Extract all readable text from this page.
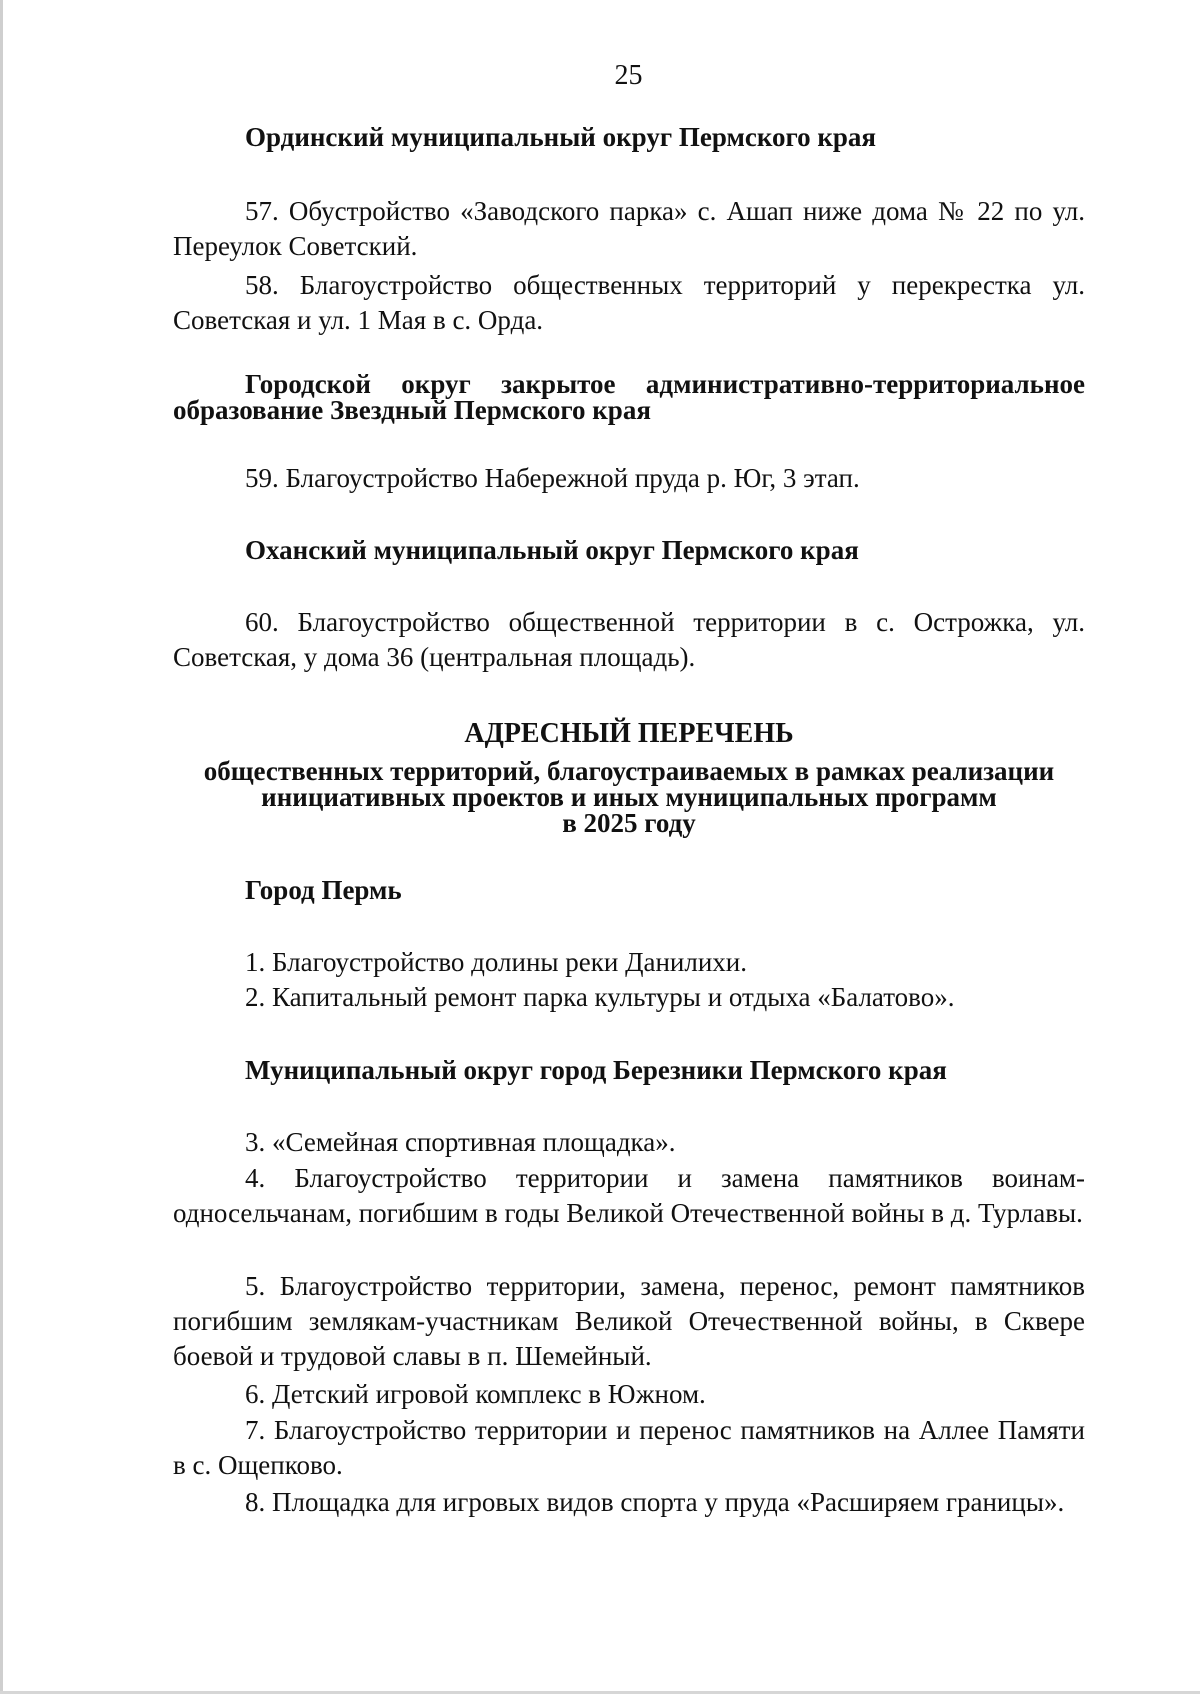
25
Ординский муниципальный округ Пермского края
57. Обустройство «Заводского парка» с. Ашап ниже дома № 22 по ул. Переулок Советский.
58. Благоустройство общественных территорий у перекрестка ул. Советская и ул. 1 Мая в с. Орда.
Городской округ закрытое административно-территориальное образование Звездный Пермского края
59. Благоустройство Набережной пруда р. Юг, 3 этап.
Оханский муниципальный округ Пермского края
60. Благоустройство общественной территории в с. Острожка, ул. Советская, у дома 36 (центральная площадь).
АДРЕСНЫЙ ПЕРЕЧЕНЬ
общественных территорий, благоустраиваемых в рамках реализации
инициативных проектов и иных муниципальных программ
в 2025 году
Город Пермь
1. Благоустройство долины реки Данилихи.
2. Капитальный ремонт парка культуры и отдыха «Балатово».
Муниципальный округ город Березники Пермского края
3. «Семейная спортивная площадка».
4. Благоустройство территории и замена памятников воинам-односельчанам, погибшим в годы Великой Отечественной войны в д. Турлавы.
5. Благоустройство территории, замена, перенос, ремонт памятников погибшим землякам-участникам Великой Отечественной войны, в Сквере боевой и трудовой славы в п. Шемейный.
6. Детский игровой комплекс в Южном.
7. Благоустройство территории и перенос памятников на Аллее Памяти в с. Ощепково.
8. Площадка для игровых видов спорта у пруда «Расширяем границы».
